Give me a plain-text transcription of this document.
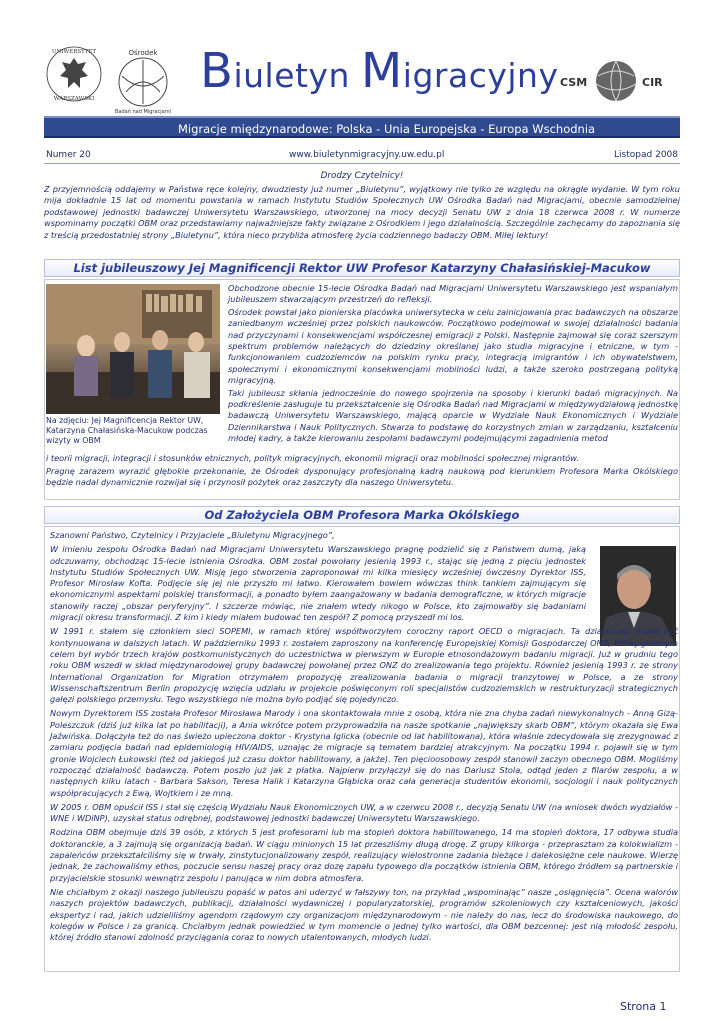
UNIWERSYTET
WARSZAWSKI
Ośrodek
Badań nad Migracjami
Biuletyn Migracyjny CSM	CIR
Migracje międzynarodowe: Polska - Unia Europejska - Europa Wschodnia
Numer 20	www.biuletynmigracyjny.uw.edu.pl	Listopad 2008
Drodzy Czytelnicy!

Z przyjemnością oddajemy w Państwa ręce kolejny, dwudziesty już numer „Biuletynu”, wyjątkowy nie tylko ze względu na okrągłe wydanie. W tym roku mija dokładnie 15 lat od momentu powstania w ramach Instytutu Studiów Społecznych UW Ośrodka Badań nad Migracjami, obecnie samodzielnej podstawowej jednostki badawczej Uniwersytetu Warszawskiego, utworzonej na mocy decyzji Senatu UW z dnia 18 czerwca 2008 r. W numerze wspominamy początki OBM oraz przedstawiamy najważniejsze fakty związane z Ośrodkiem i jego działalnością. Szczególnie zachęcamy do zapoznania się z treścią przedostatniej strony „Biuletynu”, która nieco przybliża atmosferę życia codziennego badaczy OBM. Miłej lektury!

List jubileuszowy Jej Magnificencji Rektor UW Profesor Katarzyny Chałasińskiej-Macukow

Na zdjęciu: Jej Magnificencja Rektor UW, Katarzyna Chałasińska-Macukow podczas wizyty w OBM

Obchodzone obecnie 15-lecie Ośrodka Badań nad Migracjami Uniwersytetu Warszawskiego jest wspaniałym jubileuszem stwarzającym przestrzeń do refleksji.

Ośrodek powstał jako pionierska placówka uniwersytecka w celu zainicjowania prac badawczych na obszarze zaniedbanym wcześniej przez polskich naukowców. Początkowo podejmował w swojej działalności badania nad przyczynami i konsekwencjami współczesnej emigracji z Polski. Następnie zajmował się coraz szerszym spektrum problemów należących do dziedziny określanej jako studia migracyjne i etniczne, w tym - funkcjonowaniem cudzoziemców na polskim rynku pracy, integracją imigrantów i ich obywatelstwem, społecznymi i ekonomicznymi konsekwencjami mobilności ludzi, a także szeroko postrzeganą polityką migracyjną.

Taki jubileusz skłania jednocześnie do nowego spojrzenia na sposoby i kierunki badań migracyjnych. Na podkreślenie zasługuje tu przekształcenie się Ośrodka Badań nad Migracjami w międzywydziałową jednostkę badawczą Uniwersytetu Warszawskiego, mającą oparcie w Wydziale Nauk Ekonomicznych i Wydziale Dziennikarstwa i Nauk Politycznych. Stwarza to podstawę do korzystnych zmian w zarządzaniu, kształceniu młodej kadry, a także kierowaniu zespołami badawczymi podejmującymi zagadnienia metod

i teorii migracji, integracji i stosunków etnicznych, polityk migracyjnych, ekonomii migracji oraz mobilności społecznej migrantów.

Pragnę zarazem wyrazić głębokie przekonanie, że Ośrodek dysponujący profesjonalną kadrą naukową pod kierunkiem Profesora Marka Okólskiego będzie nadal dynamicznie rozwijał się i przynosił pożytek oraz zaszczyty dla naszego Uniwersytetu.

Od Założyciela OBM Profesora Marka Okólskiego

Szanowni Państwo, Czytelnicy i Przyjaciele „Biuletynu Migracyjnego”,

W imieniu zespołu Ośrodka Badań nad Migracjami Uniwersytetu Warszawskiego pragnę podzielić się z Państwem dumą, jaką odczuwamy, obchodząc 15-lecie istnienia Ośrodka. OBM został powołany jesienią 1993 r., stając się jedną z pięciu jednostek Instytutu Studiów Społecznych UW. Misję jego stworzenia zaproponował mi kilka miesięcy wcześniej ówczesny Dyrektor ISS, Profesor Mirosław Kofta. Podjęcie się jej nie przyszło mi łatwo. Kierowałem bowiem wówczas think tankiem zajmującym się ekonomicznymi aspektami polskiej transformacji, a ponadto byłem zaangażowany w badania demograficzne, w których migracje stanowiły raczej „obszar peryferyjny”. I szczerze mówiąc, nie znałem wtedy nikogo w Polsce, kto zajmowałby się badaniami migracji okresu transformacji. Z kim i kiedy miałem budować ten zespół? Z pomocą przyszedł mi los.

W 1991 r. stałem się członkiem sieci SOPEMI, w ramach której współtworzyłem coroczny raport OECD o migracjach. Ta działalność miała być kontynuowana w dalszych latach. W październiku 1993 r. zostałem zaproszony na konferencję Europejskiej Komisji Gospodarczej ONZ, której głównym celem był wybór trzech krajów postkomunistycznych do uczestnictwa w pierwszym w Europie etnosondażowym badaniu migracji. Już w grudniu tego roku OBM wszedł w skład międzynarodowej grupy badawczej powołanej przez ONZ do zrealizowania tego projektu. Również jesienią 1993 r. ze strony International Organization for Migration otrzymałem propozycję zrealizowania badania o migracji tranzytowej w Polsce, a ze strony Wissenschaftszentrum Berlin propozycję wzięcia udziału w projekcie poświęconym roli specjalistów cudzoziemskich w restrukturyzacji strategicznych gałęzi polskiego przemysłu. Tego wszystkiego nie można było podjąć się pojedynczo.

Nowym Dyrektorem ISS została Profesor Mirosława Marody i ona skontaktowała mnie z osobą, która nie zna chyba zadań niewykonalnych - Anną Gizą-Poleszczuk (dziś już kilka lat po habilitacji), a Ania wkrótce potem przyprowadziła na nasze spotkanie „największy skarb OBM”, którym okazała się Ewa Jaźwińska. Dołączyła też do nas świeżo upieczona doktor - Krystyna Iglicka (obecnie od lat habilitowana), która właśnie zdecydowała się zrezygnować z zamiaru podjęcia badań nad epidemiologią HIV/AIDS, uznając że migracje są tematem bardziej atrakcyjnym. Na początku 1994 r. pojawił się w tym gronie Wojciech Łukowski (też od jakiegoś już czasu doktor habilitowany, a jakże). Ten pięcioosobowy zespół stanowił zaczyn obecnego OBM. Mogliśmy rozpocząć działalność badawczą. Potem poszło już jak z płatka. Najpierw przyłączył się do nas Dariusz Stola, odtąd jeden z filarów zespołu, a w następnych kilku latach - Barbara Sakson, Teresa Halik i Katarzyna Głąbicka oraz cała generacja studentów ekonomii, socjologii i nauk politycznych współpracujących z Ewą, Wojtkiem i ze mną.

W 2005 r. OBM opuścił ISS i stał się częścią Wydziału Nauk Ekonomicznych UW, a w czerwcu 2008 r., decyzją Senatu UW (na wniosek dwóch wydziałów - WNE i WDiNP), uzyskał status odrębnej, podstawowej jednostki badawczej Uniwersytetu Warszawskiego.

Rodzina OBM obejmuje dziś 39 osób, z których 5 jest profesorami lub ma stopień doktora habilitowanego, 14 ma stopień doktora, 17 odbywa studia doktoranckie, a 3 zajmują się organizacją badań. W ciągu minionych 15 lat przeszliśmy długą drogę. Z grupy kilkorga - przeprasztam za kolokwializm - zapaleńców przekształciliśmy się w trwały, zinstytucjonalizowany zespół, realizujący wielostronne zadania bieżące i dalekosiężne cele naukowe. Wierzę jednak, że zachowaliśmy ethos, poczucie sensu naszej pracy oraz dozę zapału typowego dla początków istnienia OBM, którego źródłem są partnerskie i przyjacielskie stosunki wewnątrz zespołu i panująca w nim dobra atmosfera.

Nie chciałbym z okazji naszego jubileuszu popaść w patos ani uderzyć w fałszywy ton, na przykład „wspominając” nasze „osiągnięcia”. Ocena walorów naszych projektów badawczych, publikacji, działalności wydawniczej i popularyzatorskiej, programów szkoleniowych czy kształceniowych, jakości ekspertyz i rad, jakich udzieliliśmy agendom rządowym czy organizacjom międzynarodowym - nie należy do nas, lecz do środowiska naukowego, do kolegów w Polsce i za granicą. Chciałbym jednak powiedzieć w tym momencie o jednej tylko wartości, dla OBM bezcennej: jest nią młodość zespołu, której źródło stanowi zdolność przyciągania coraz to nowych utalentowanych, młodych ludzi.

Strona 1
